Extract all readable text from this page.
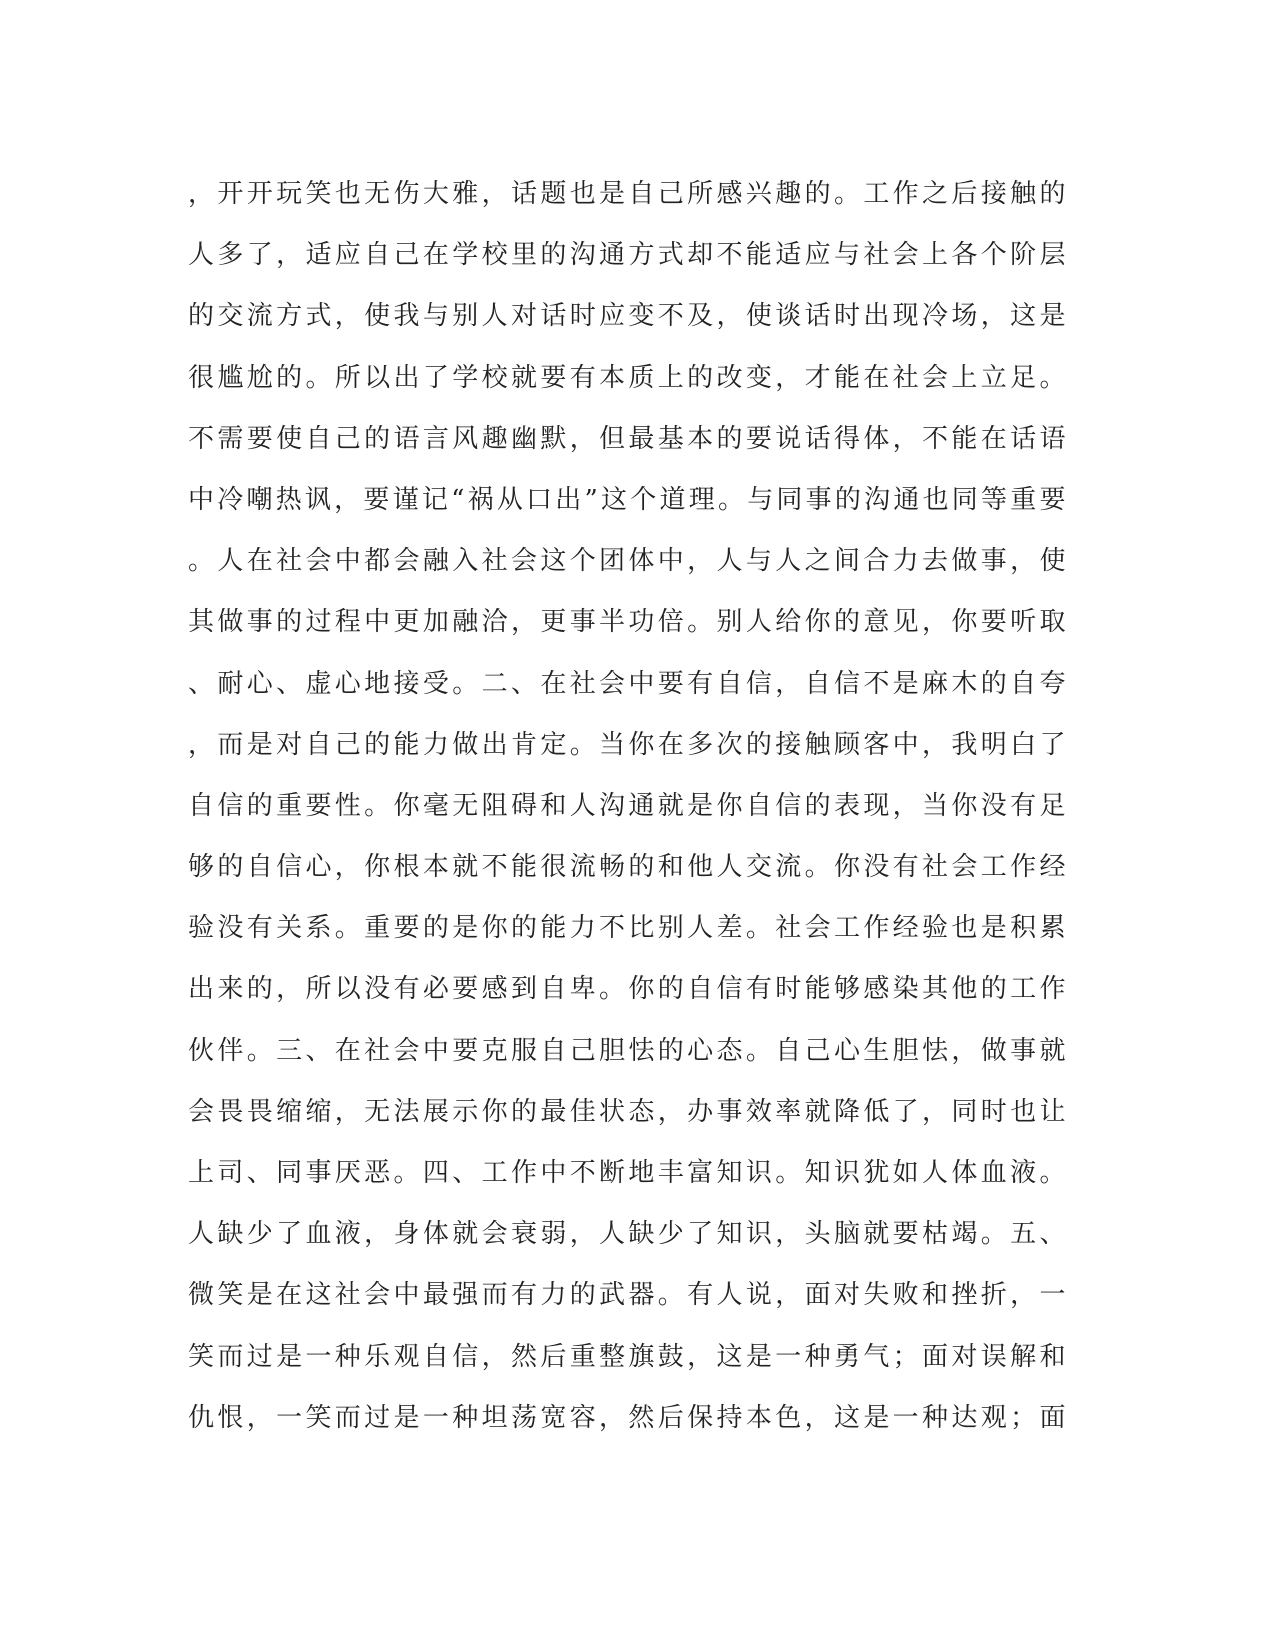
，开开玩笑也无伤大雅，话题也是自己所感兴趣的。工作之后接触的
人多了，适应自己在学校里的沟通方式却不能适应与社会上各个阶层
的交流方式，使我与别人对话时应变不及，使谈话时出现冷场，这是
很尴尬的。所以出了学校就要有本质上的改变，才能在社会上立足。
不需要使自己的语言风趣幽默，但最基本的要说话得体，不能在话语
中冷嘲热讽，要谨记“祸从口出”这个道理。与同事的沟通也同等重要
。人在社会中都会融入社会这个团体中，人与人之间合力去做事，使
其做事的过程中更加融洽，更事半功倍。别人给你的意见，你要听取
、耐心、虚心地接受。二、在社会中要有自信，自信不是麻木的自夸
，而是对自己的能力做出肯定。当你在多次的接触顾客中，我明白了
自信的重要性。你毫无阻碍和人沟通就是你自信的表现，当你没有足
够的自信心，你根本就不能很流畅的和他人交流。你没有社会工作经
验没有关系。重要的是你的能力不比别人差。社会工作经验也是积累
出来的，所以没有必要感到自卑。你的自信有时能够感染其他的工作
伙伴。三、在社会中要克服自己胆怯的心态。自己心生胆怯，做事就
会畏畏缩缩，无法展示你的最佳状态，办事效率就降低了，同时也让
上司、同事厌恶。四、工作中不断地丰富知识。知识犹如人体血液。
人缺少了血液，身体就会衰弱，人缺少了知识，头脑就要枯竭。五、
微笑是在这社会中最强而有力的武器。有人说，面对失败和挫折，一
笑而过是一种乐观自信，然后重整旗鼓，这是一种勇气；面对误解和
仇恨，一笑而过是一种坦荡宽容，然后保持本色，这是一种达观；面
